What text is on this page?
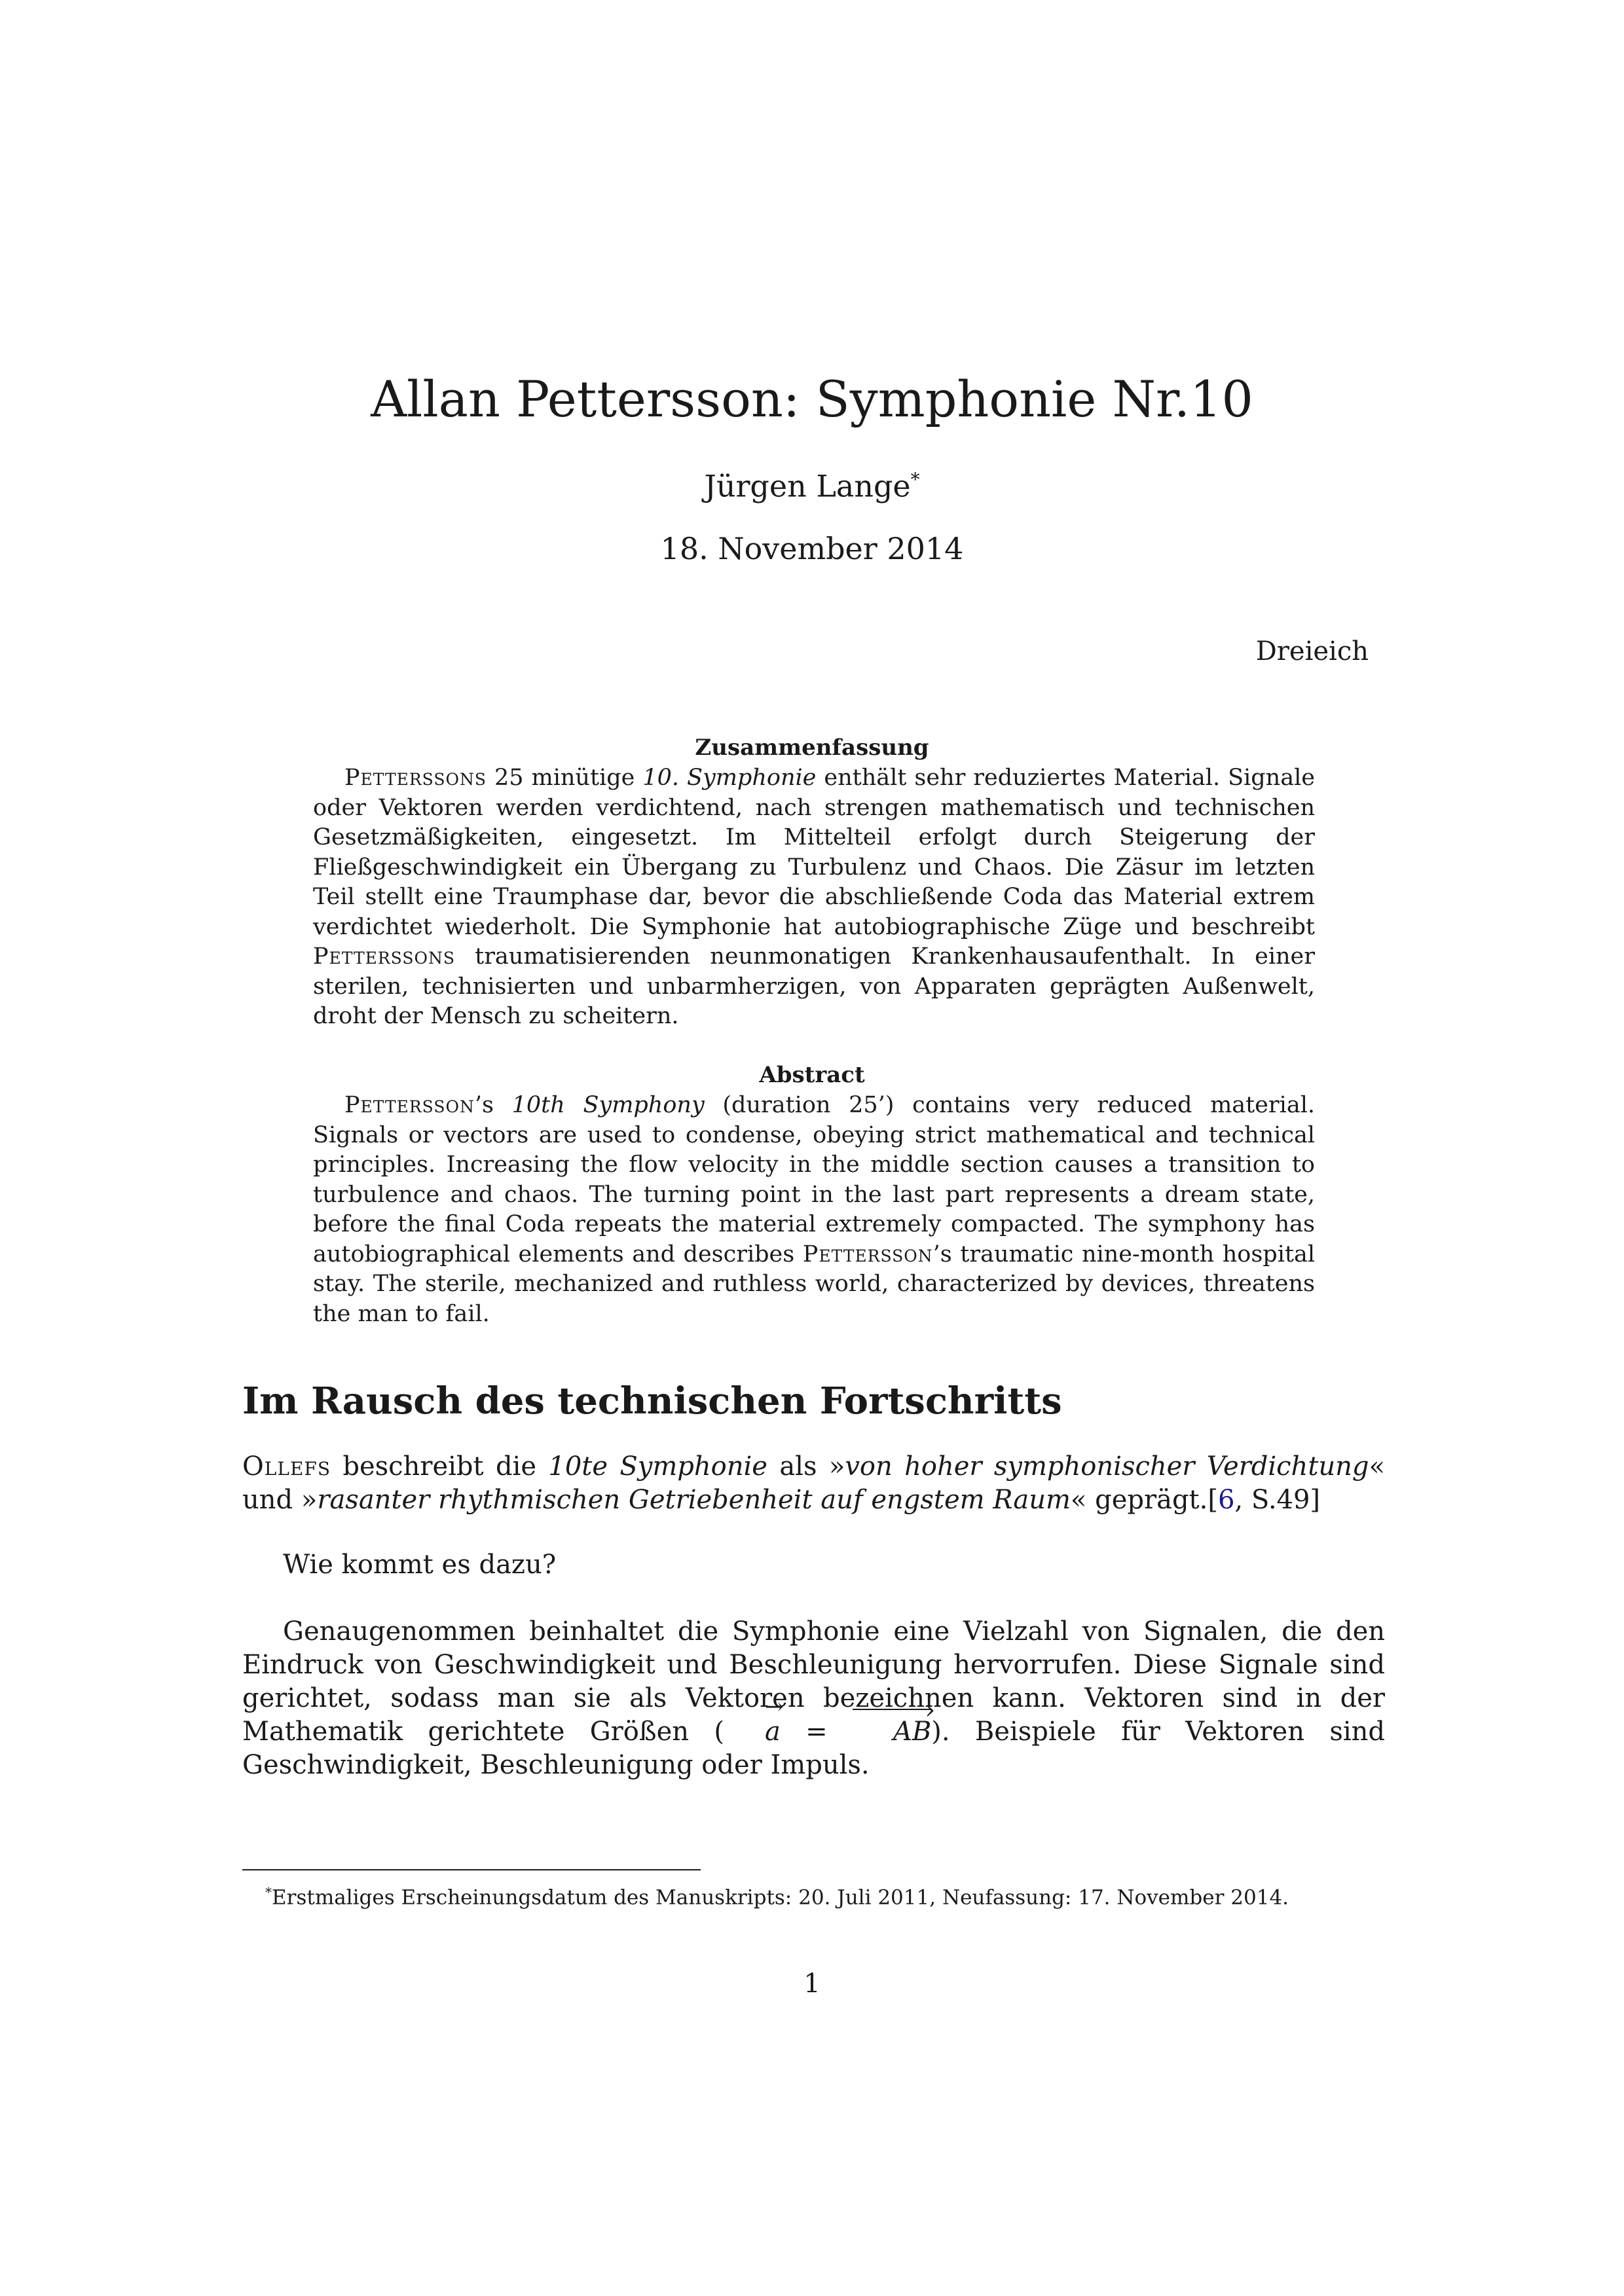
Allan Pettersson: Symphonie Nr.10
Jürgen Lange*
18. November 2014
Dreieich
Zusammenfassung

Petterssons 25 minütige 10. Symphonie enthält sehr reduziertes Material. Signale oder Vektoren werden verdichtend, nach strengen mathematisch und technischen Gesetzmäßigkeiten, eingesetzt. Im Mittelteil erfolgt durch Steigerung der Fließgeschwindigkeit ein Übergang zu Turbulenz und Chaos. Die Zäsur im letzten Teil stellt eine Traumphase dar, bevor die abschließende Coda das Material extrem verdichtet wiederholt. Die Symphonie hat autobiographische Züge und beschreibt Petterssons traumatisierenden neunmonatigen Krankenhausaufenthalt. In einer sterilen, technisierten und unbarmherzigen, von Apparaten geprägten Außenwelt, droht der Mensch zu scheitern.

Abstract

Pettersson’s 10th Symphony (duration 25’) contains very reduced material. Signals or vectors are used to condense, obeying strict mathematical and technical principles. Increasing the flow velocity in the middle section causes a transition to turbulence and chaos. The turning point in the last part represents a dream state, before the final Coda repeats the material extremely compacted. The symphony has autobiographical elements and describes Pettersson’s traumatic nine-month hospital stay. The sterile, mechanized and ruthless world, characterized by devices, threatens the man to fail.

Im Rausch des technischen Fortschritts

Ollefs beschreibt die 10te Symphonie als »von hoher symphonischer Verdichtung« und »rasanter rhythmischen Getriebenheit auf engstem Raum« geprägt.[6, S.49]

Wie kommt es dazu?

Genaugenommen beinhaltet die Symphonie eine Vielzahl von Signalen, die den Eindruck von Geschwindigkeit und Beschleunigung hervorrufen. Diese Signale sind gerichtet, sodass man sie als Vektoren bezeichnen kann. Vektoren sind in der Mathematik gerichtete Größen (→ a = AB ›). Beispiele für Vektoren sind Geschwindigkeit, Beschleunigung oder Impuls.

*Erstmaliges Erscheinungsdatum des Manuskripts: 20. Juli 2011, Neufassung: 17. November 2014.
1
